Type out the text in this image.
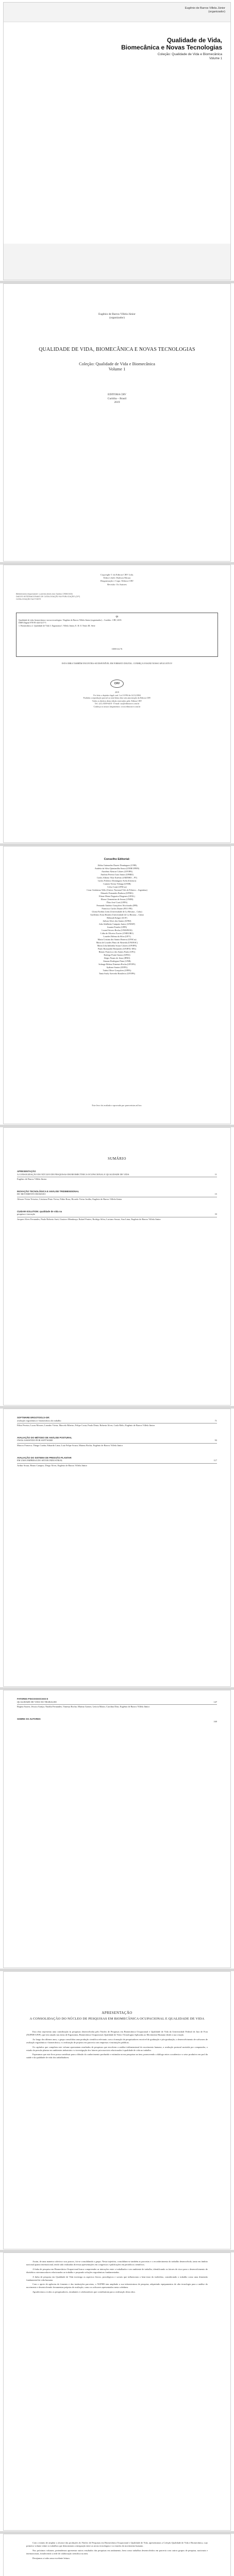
Eugênio de Barros Villela Júnior
(organizador)
Qualidade de Vida,
Biomecânica e Novas Tecnologias
Coleção: Qualidade de Vida e Biomecânica
Volume 1
Eugênio de Barros Villela Júnior
(organizador)
QUALIDADE DE VIDA, BIOMECÂNICA E NOVAS TECNOLOGIAS
Coleção: Qualidade de Vida e Biomecânica
Volume 1
EDITORA CRV
Curitiba – Brasil
2019
Copyright © da Editora CRV Ltda.
Editor-chefe: Railson Moura
Diagramação e Capa: Editora CRV
Revisão: Os Autores
Bibliotecária responsável: Luzenira Alves dos Santos CRB9/1506
DADOS INTERNACIONAIS DE CATALOGAÇÃO NA PUBLICAÇÃO (CIP)
CATALOGAÇÃO NA FONTE
Q1
Qualidade de vida, biomecânica e novas tecnologias / Eugênio de Barros Villela Júnior (organizador) – Curitiba : CRV, 2019.
ISBN Digital 978-85-444-3217-5
1. Biomecânica 2. Qualidade de Vida 3. Ergonomia I. Villela Júnior, E. B. II. Título III. Série
CDD 612.76
ESTA OBRA TAMBÉM ENCONTRA-SE DISPONÍVEL EM FORMATO DIGITAL. CONHEÇA E BAIXE NOSSO APLICATIVO!
CRV
2019
Foi feito o depósito legal conf. Lei 10.994 de 14/12/2004
Proibida a reprodução parcial ou total desta obra sem autorização da Editora CRV
Todos os direitos desta edição reservados pela: Editora CRV
Tel.: (41) 3039-6418 - E-mail: sac@editoracrv.com.br
Conheça os nossos lançamentos: www.editoracrv.com.br
Conselho Editorial:
Aldira Guimarães Duarte Domínguez (UNB)
Andréia da Silva Quintanilha Sousa (UNIR/UFRN)
Anselmo Alencar Colares (UFOPA)
Antônio Pereira Gaio Júnior (UFRRJ)
Carlos Alberto Vilar Estêvão (UMINHO – PT)
Carlos Federico Dominguez Avila (Unieuro)
Carmen Tereza Velanga (UNIR)
Celso Conti (UFSCar)
Cesar Gerônimo Tello (Univer. Nacional Três de Febrero – Argentina)
Eduardo Fernandes Barbosa (UFMG)
Elione Maria Nogueira Diogenes (UFAL)
Elizeu Clementino de Souza (UNEB)
Élsio José Corá (UFFS)
Fernando Antônio Gonçalves Alcoforado (IPB)
Francisco Carlos Duarte (PUC-PR)
Gloria Fariñas León (Universidade de La Havana – Cuba)
Guillermo Arias Beatón (Universidade de La Havana – Cuba)
Helmuth Krüger (UCP)
Jailson Alves dos Santos (UFRJ)
João Adalberto Campato Junior (UNESP)
Josania Portela (UFPI)
Leonel Severo Rocha (UNISINOS)
Lídia de Oliveira Xavier (UNIEURO)
Lourdes Helena da Silva (UFV)
Maria Cristina dos Santos Bezerra (UFSCar)
Maria de Lourdes Pinto de Almeida (UNOESC)
Maria Lília Imbiriba Sousa Colares (UFOPA)
Paulo Romualdo Hernandes (UNIFAL-MG)
Renato Francisco dos Santos Paula (UFG)
Rodrigo Pratte-Santos (UFES)
Sérgio Nunes de Jesus (IFRO)
Simone Rodrigues Pinto (UNB)
Solange Helena Ximenes-Rocha (UFOPA)
Sydione Santos (UEPG)
Tadeu Oliver Gonçalves (UFPA)
Tania Suely Azevedo Brasileiro (UFOPA)
Este livro foi avaliado e aprovado por pareceristas ad hoc.
SUMÁRIO
APRESENTAÇÃO
11
A CONSOLIDAÇÃO DO NÚCLEO DE PESQUISAS EM BIOMECÂNICA OCUPACIONAL E QUALIDADE DE VIDA
Eugênio de Barros Villela Júnior
INOVAÇÃO TECNOLÓGICA E ANÁLISE TRIDIMENSIONAL
15
DO MOVIMENTO HUMANO
Alisson Vieira Teixeira; Cristiano Pinto Vieira; Fábio Rosa; Ricardo Vieira Jordão; Eugênio de Barros Villela Júnior
CUIDAR-SOLUTION: qualidade de vida na
33
pesquisa e inovação
Jacques Alves Fernandes; Paulo Roberto Sarti; Gustavo Mendonça; Rafael Pontes; Rodrigo Silva; Luciano Souza; Ana Lima; Eugênio de Barros Villela Júnior
SOFTWARE ERGOTOOLS-GR:
71
avaliação ergonômica e biomecânica do trabalho
Fábio Pereira; Lucas Moraes; Leandro Vieira; Marcelo Ribeiro; Felipe Costa; Paulo Diniz; Roberta Alves; Carla Melo; Eugênio de Barros Villela Júnior
AVALIAÇÃO DO MÉTODO DE ANÁLISE POSTURAL
93
OWAS ASSISTIDO POR SOFTWARE
Marcos Fonseca; Thiago Cunha; Eduardo Lima; Luiz Felipe Souza; Mateus Rocha; Eugênio de Barros Villela Júnior
AVALIAÇÃO DO SISTEMA DE PRESSÃO PLANTAR
117
EM UMA EMPRESA DO SETOR INDUSTRIAL
Arthur Sousa; Bruno Campos; Diego Alves; Eugênio de Barros Villela Júnior
FATORES PSICOSSOCIAIS E
147
QUALIDADE DE VIDA NO TRABALHO
Regina Soares; Jéssica Araújo; Natália Fernandes; Vanessa Rocha; Marina Gomes; Leticia Matos; Carolina Dias; Eugênio de Barros Villela Júnior
SOBRE OS AUTORES
169
APRESENTAÇÃO
A CONSOLIDAÇÃO DO NÚCLEO DE PESQUISAS EM BIOMECÂNICA OCUPACIONAL E QUALIDADE DE VIDA

Esta obra representa uma contribuição às pesquisas desenvolvidas pelo Núcleo de Pesquisas em Biomecânica Ocupacional e Qualidade de Vida da Universidade Federal de Juiz de Fora (NUPEB-UFJF), que tem atuado nas áreas de Ergonomia, Biomecânica Ocupacional, Qualidade de Vida e Tecnologias Aplicadas ao Movimento Humano desde a sua criação.

Ao longo dos últimos anos, o grupo consolidou uma produção científica relevante, com a formação de pesquisadores em nível de graduação e pós-graduação, o desenvolvimento de softwares de avaliação ergonômica e biomecânica, e a realização de projetos em parceria com empresas e instituições públicas.

Os capítulos que compõem este volume apresentam resultados de pesquisas que envolvem a análise tridimensional do movimento humano, a avaliação postural assistida por computador, o estudo da pressão plantar em ambientes industriais e a investigação dos fatores psicossociais relacionados à qualidade de vida no trabalho.

Esperamos que este livro possa contribuir para a difusão do conhecimento produzido e estimular novas pesquisas na área, promovendo o diálogo entre a academia e o setor produtivo em prol da saúde e da qualidade de vida dos trabalhadores.

Assim, de uma maneira coletiva e aos poucos, foi-se consolidando o grupo. Nesta trajetória, consolidam-se também as parcerias e o reconhecimento do trabalho desenvolvido, tanto em âmbito nacional quanto internacional, tendo sido realizadas diversas apresentações em congressos e publicações em periódicos científicos.

A linha de pesquisa em Biomecânica Ocupacional busca compreender as interações entre o trabalhador e seu ambiente de trabalho, identificando os fatores de risco para o desenvolvimento de distúrbios osteomusculares relacionados ao trabalho e propondo soluções ergonômicas fundamentadas.

A linha de pesquisa em Qualidade de Vida investiga os aspectos físicos, psicológicos e sociais que influenciam o bem-estar do indivíduo, considerando o trabalho como uma dimensão fundamental da vida humana.

Com o apoio de agências de fomento e das instituições parceiras, o NUPEB tem ampliado a sua infraestrutura de pesquisa, adquirindo equipamentos de alta tecnologia para a análise do movimento e desenvolvendo ferramentas próprias de avaliação, como os softwares apresentados nesta coletânea.

Agradecemos a todos os pesquisadores, estudantes e colaboradores que contribuíram para a realização desta obra.

Com o intuito de ampliar o alcance das produções do Núcleo de Pesquisas em Biomecânica Ocupacional e Qualidade de Vida, apresentamos a Coleção Qualidade de Vida e Biomecânica, cujo primeiro volume reúne os trabalhos que demonstram a integração entre as novas tecnologias e os estudos do movimento humano.

Nos próximos volumes, pretendemos apresentar outros resultados das pesquisas em andamento, bem como trabalhos desenvolvidos em parceria com outros grupos de pesquisa, nacionais e internacionais, fortalecendo a rede de colaboração científica na área.

Desejamos a todos uma excelente leitura.
